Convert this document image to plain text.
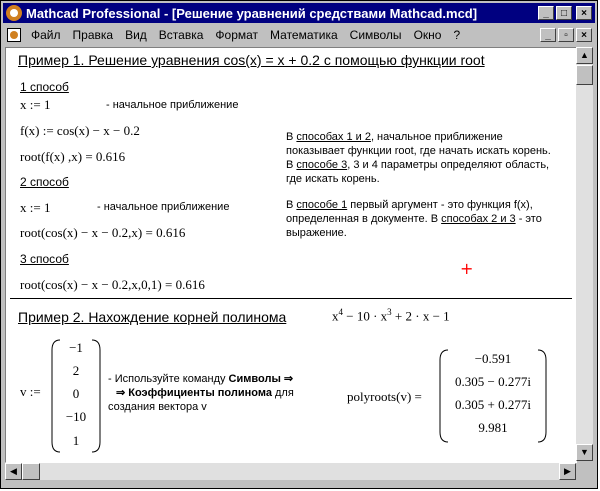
Mathcad Professional - [Решение уравнений средствами Mathcad.mcd]	_	□	×
Файл	Правка	Вид	Вставка	Формат	Математика	Символы	Окно	?	_	▫	×
Пример 1. Решение уравнения cos(x) = x + 0.2 с помощью функции root
1 способ
x := 1	- начальное приближение
f(x) := cos(x) − x − 0.2
root(f(x) ,x) = 0.616
2 способ
x := 1	- начальное приближение
root(cos(x) − x − 0.2,x) = 0.616
3 способ
root(cos(x) − x − 0.2,x,0,1) = 0.616
В способах 1 и 2, начальное приближение показывает функции root, где начать искать корень. В способе 3, 3 и 4 параметры определяют область, где искать корень.
В способе 1 первый аргумент - это функция f(x), определенная в документе. В способах 2 и 3 - это выражение.
+
Пример 2. Нахождение корней полинома	$x^4 - 10 \cdot x^3 + 2 \cdot x - 1$
v :=
−1
2
0
−10
1
- Используйте команду Символы ⇒
⇒ Коэффициенты полинома для создания вектора v
polyroots(v) =
−0.591
0.305 − 0.277i
0.305 + 0.277i
9.981
▲
▼
◀	▶
